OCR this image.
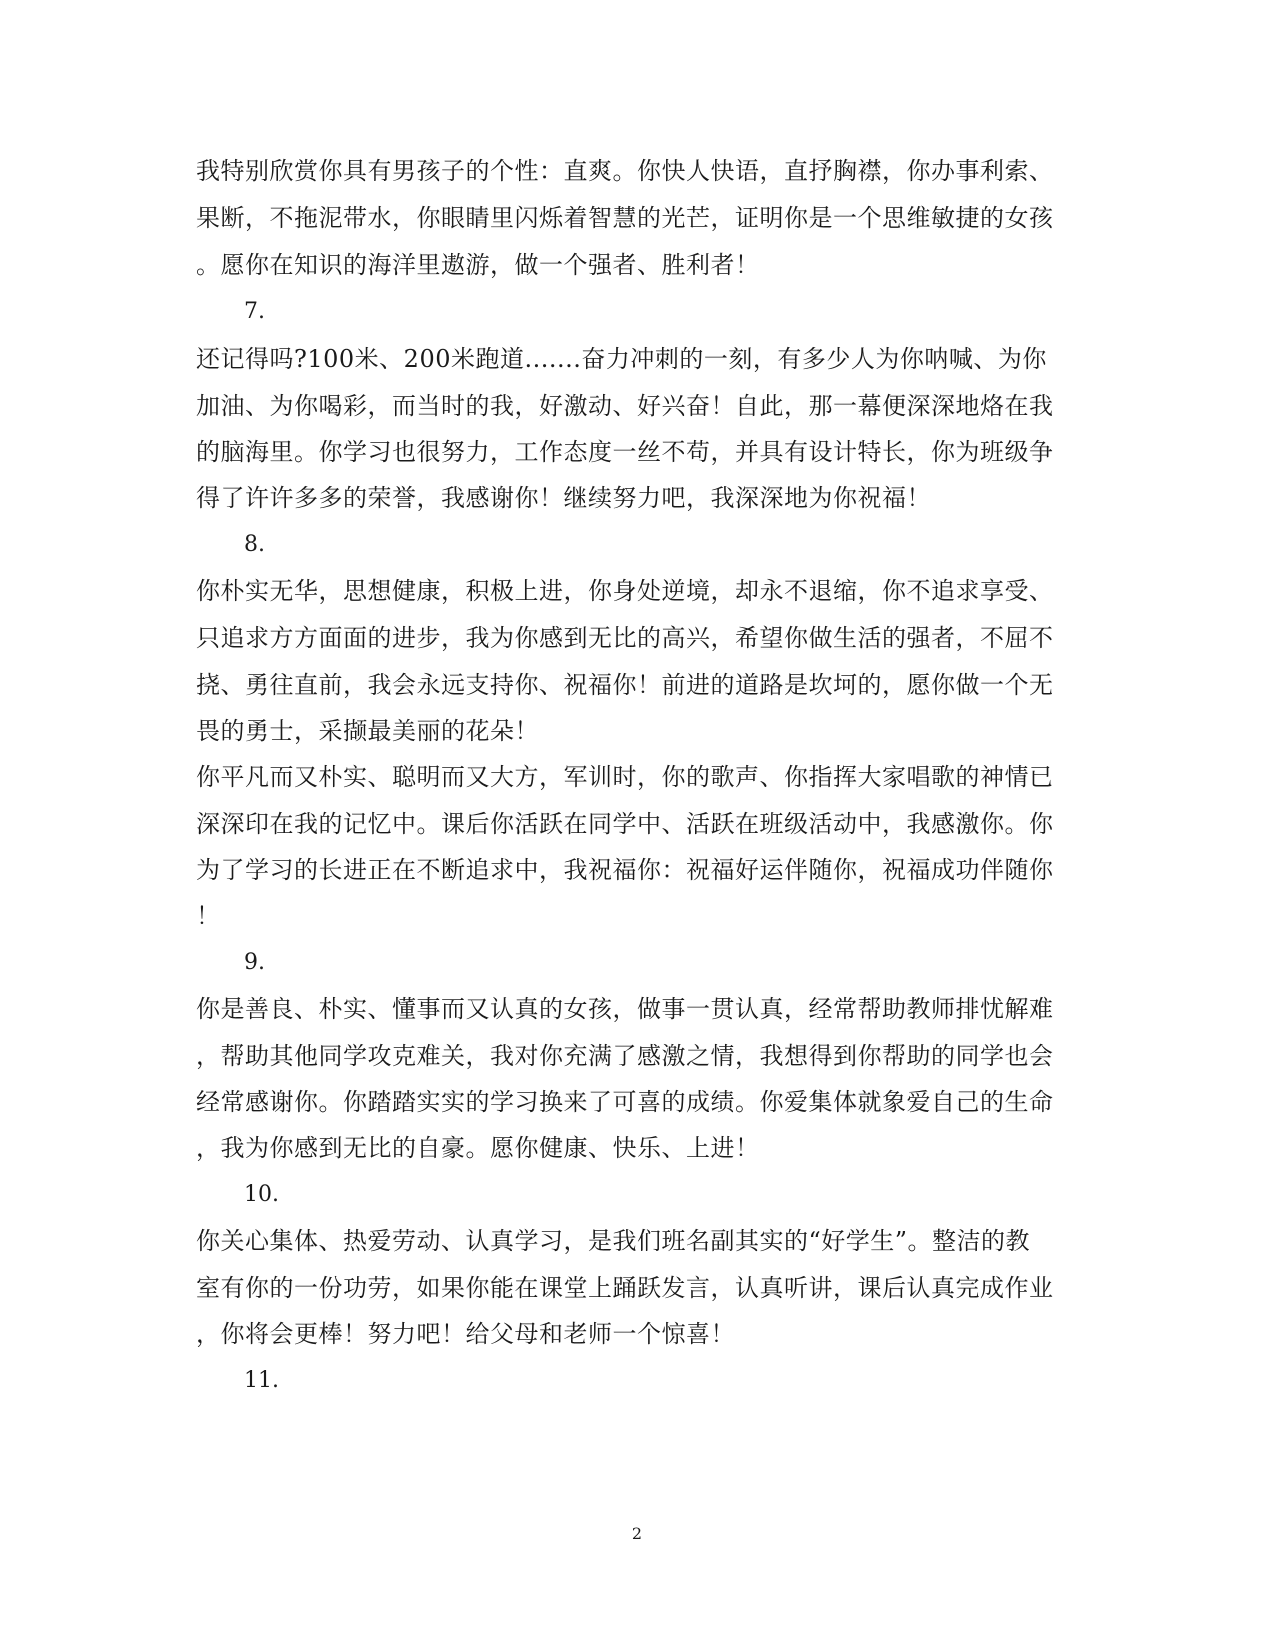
我特别欣赏你具有男孩子的个性：直爽。你快人快语，直抒胸襟，你办事利索、
果断，不拖泥带水，你眼睛里闪烁着智慧的光芒，证明你是一个思维敏捷的女孩
。愿你在知识的海洋里遨游，做一个强者、胜利者！
7.
还记得吗?100米、200米跑道.......奋力冲刺的一刻，有多少人为你呐喊、为你
加油、为你喝彩，而当时的我，好激动、好兴奋！自此，那一幕便深深地烙在我
的脑海里。你学习也很努力，工作态度一丝不苟，并具有设计特长，你为班级争
得了许许多多的荣誉，我感谢你！继续努力吧，我深深地为你祝福！
8.
你朴实无华，思想健康，积极上进，你身处逆境，却永不退缩，你不追求享受、
只追求方方面面的进步，我为你感到无比的高兴，希望你做生活的强者，不屈不
挠、勇往直前，我会永远支持你、祝福你！前进的道路是坎坷的，愿你做一个无
畏的勇士，采撷最美丽的花朵！
你平凡而又朴实、聪明而又大方，军训时，你的歌声、你指挥大家唱歌的神情已
深深印在我的记忆中。课后你活跃在同学中、活跃在班级活动中，我感激你。你
为了学习的长进正在不断追求中，我祝福你：祝福好运伴随你，祝福成功伴随你
！
9.
你是善良、朴实、懂事而又认真的女孩，做事一贯认真，经常帮助教师排忧解难
，帮助其他同学攻克难关，我对你充满了感激之情，我想得到你帮助的同学也会
经常感谢你。你踏踏实实的学习换来了可喜的成绩。你爱集体就象爱自己的生命
，我为你感到无比的自豪。愿你健康、快乐、上进！
10.
你关心集体、热爱劳动、认真学习，是我们班名副其实的“好学生”。整洁的教
室有你的一份功劳，如果你能在课堂上踊跃发言，认真听讲，课后认真完成作业
，你将会更棒！努力吧！给父母和老师一个惊喜！
11.
2
